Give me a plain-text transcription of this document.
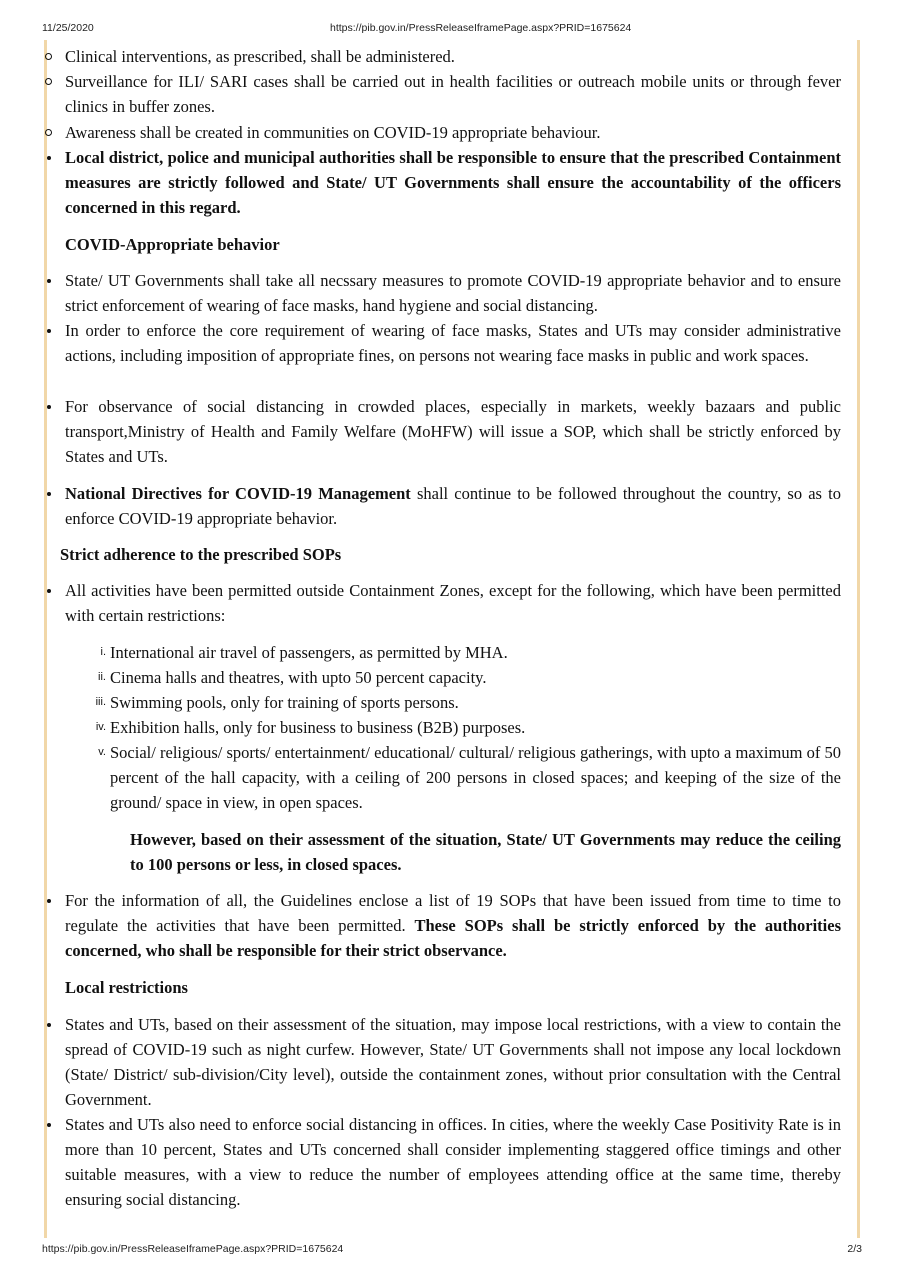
11/25/2020	https://pib.gov.in/PressReleaseIframePage.aspx?PRID=1675624

Clinical interventions, as prescribed, shall be administered.

Surveillance for ILI/ SARI cases shall be carried out in health facilities or outreach mobile units or through fever clinics in buffer zones.

Awareness shall be created in communities on COVID-19 appropriate behaviour.

Local district, police and municipal authorities shall be responsible to ensure that the prescribed Containment measures are strictly followed and State/ UT Governments shall ensure the accountability of the officers concerned in this regard.

COVID-Appropriate behavior

State/ UT Governments shall take all necssary measures to promote COVID-19 appropriate behavior and to ensure strict enforcement of wearing of face masks, hand hygiene and social distancing.

In order to enforce the core requirement of wearing of face masks, States and UTs may consider administrative actions, including imposition of appropriate fines, on persons not wearing face masks in public and work spaces.

For observance of social distancing in crowded places, especially in markets, weekly bazaars and public transport,Ministry of Health and Family Welfare (MoHFW) will issue a SOP, which shall be strictly enforced by States and UTs.

National Directives for COVID-19 Management shall continue to be followed throughout the country, so as to enforce COVID-19 appropriate behavior.

Strict adherence to the prescribed SOPs

All activities have been permitted outside Containment Zones, except for the following, which have been permitted with certain restrictions:

i. International air travel of passengers, as permitted by MHA.

ii. Cinema halls and theatres, with upto 50 percent capacity.

iii. Swimming pools, only for training of sports persons.

iv. Exhibition halls, only for business to business (B2B) purposes.

v. Social/ religious/ sports/ entertainment/ educational/ cultural/ religious gatherings, with upto a maximum of 50 percent of the hall capacity, with a ceiling of 200 persons in closed spaces; and keeping of the size of the ground/ space in view, in open spaces.

However, based on their assessment of the situation, State/ UT Governments may reduce the ceiling to 100 persons or less, in closed spaces.

For the information of all, the Guidelines enclose a list of 19 SOPs that have been issued from time to time to regulate the activities that have been permitted. These SOPs shall be strictly enforced by the authorities concerned, who shall be responsible for their strict observance.

Local restrictions

States and UTs, based on their assessment of the situation, may impose local restrictions, with a view to contain the spread of COVID-19 such as night curfew. However, State/ UT Governments shall not impose any local lockdown (State/ District/ sub-division/City level), outside the containment zones, without prior consultation with the Central Government.

States and UTs also need to enforce social distancing in offices. In cities, where the weekly Case Positivity Rate is in more than 10 percent, States and UTs concerned shall consider implementing staggered office timings and other suitable measures, with a view to reduce the number of employees attending office at the same time, thereby ensuring social distancing.

https://pib.gov.in/PressReleaseIframePage.aspx?PRID=1675624	2/3
